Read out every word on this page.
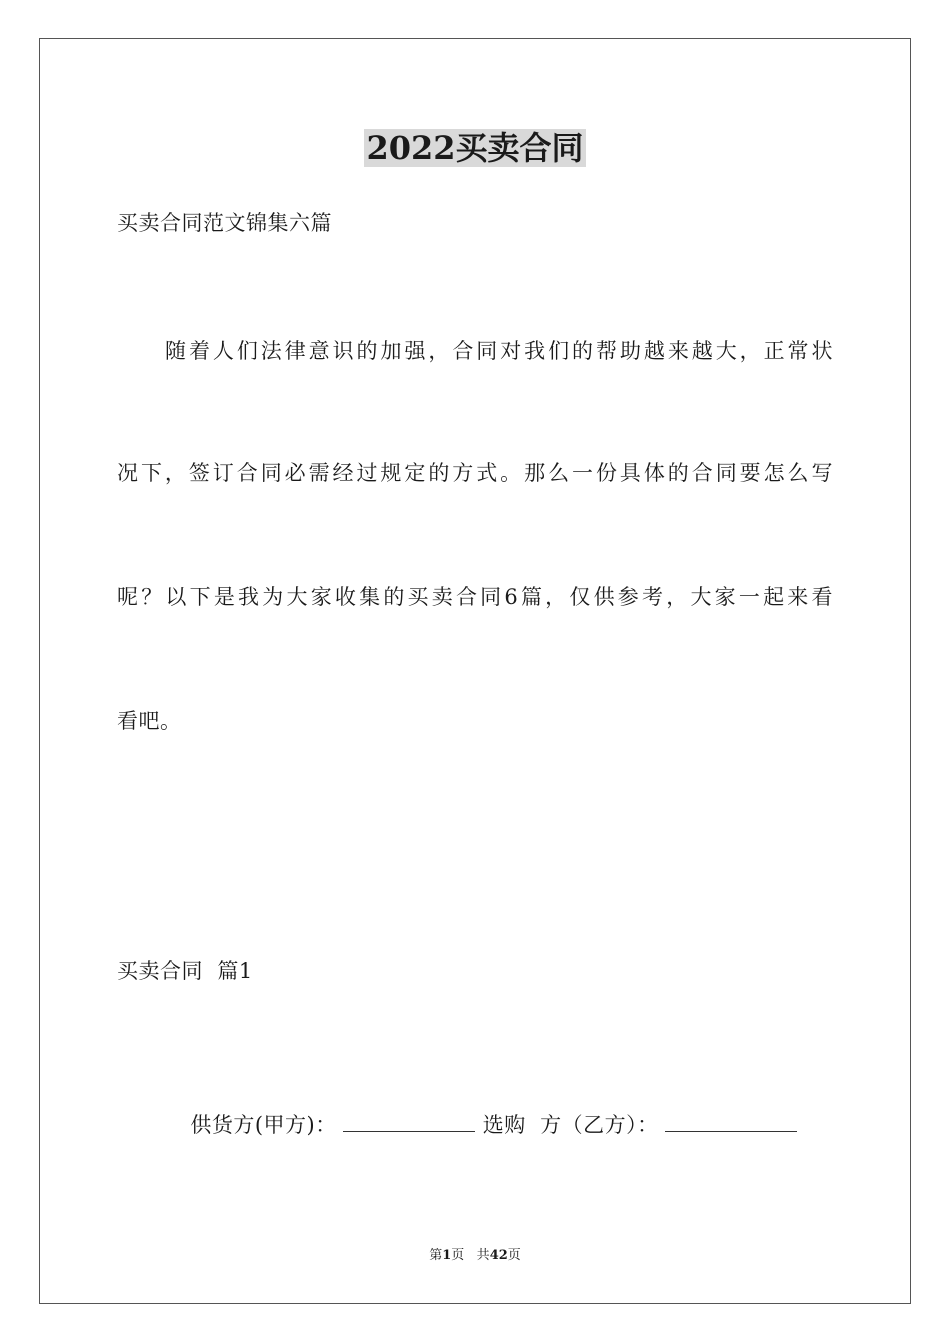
2022买卖合同
买卖合同范文锦集六篇
随着人们法律意识的加强，合同对我们的帮助越来越大，正常状
况下，签订合同必需经过规定的方式。那么一份具体的合同要怎么写
呢？以下是我为大家收集的买卖合同6篇，仅供参考，大家一起来看
看吧。
买卖合同  篇1

供货方(甲方)：	选购  方（乙方）：

第1页 共42页
